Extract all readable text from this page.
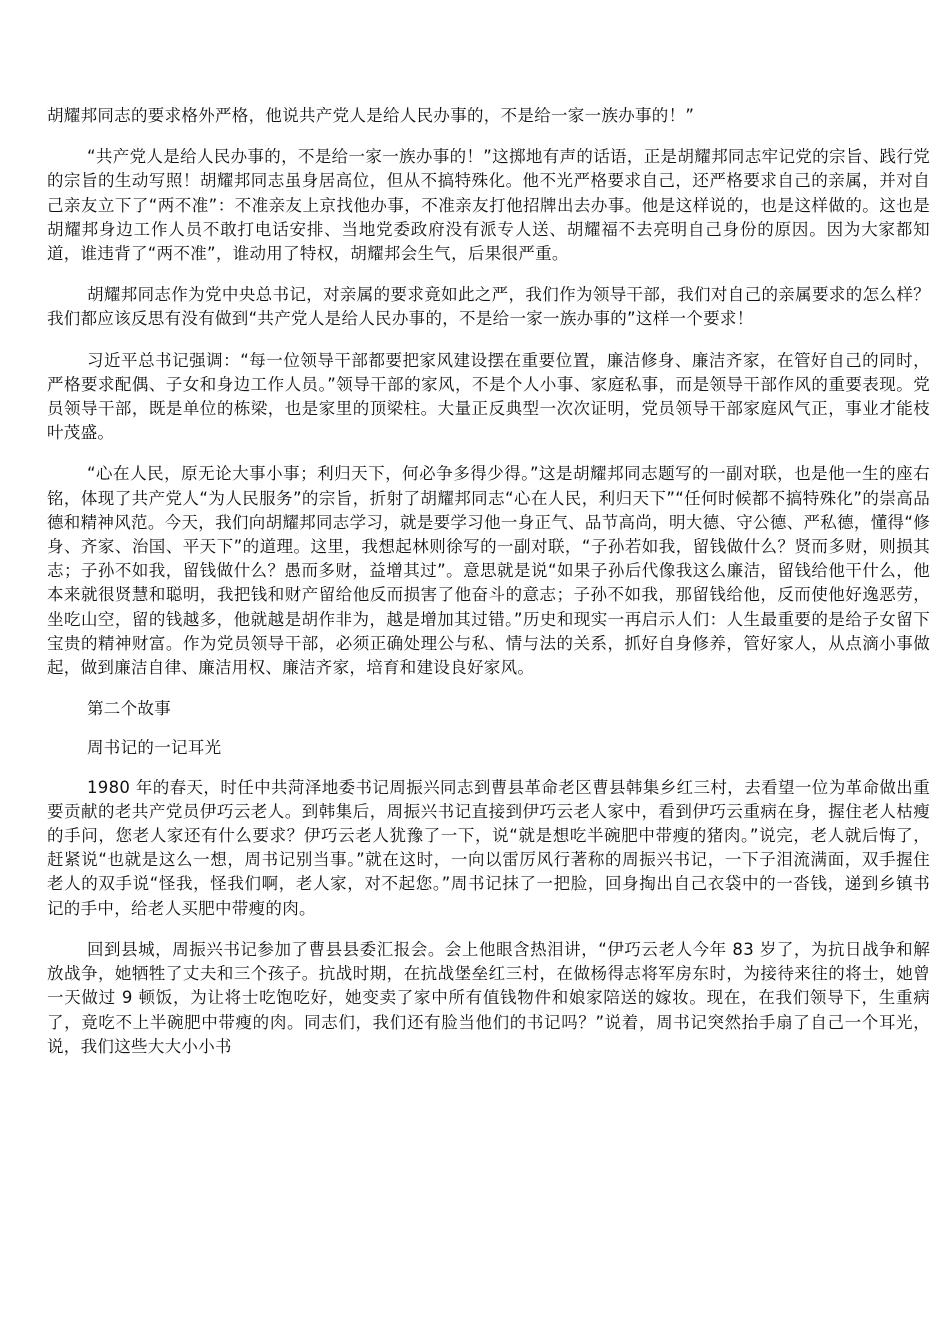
胡耀邦同志的要求格外严格，他说共产党人是给人民办事的，不是给一家一族办事的！”

“共产党人是给人民办事的，不是给一家一族办事的！”这掷地有声的话语，正是胡耀邦同志牢记党的宗旨、践行党的宗旨的生动写照！胡耀邦同志虽身居高位，但从不搞特殊化。他不光严格要求自己，还严格要求自己的亲属，并对自己亲友立下了“两不准”：不准亲友上京找他办事，不准亲友打他招牌出去办事。他是这样说的，也是这样做的。这也是胡耀邦身边工作人员不敢打电话安排、当地党委政府没有派专人送、胡耀福不去亮明自己身份的原因。因为大家都知道，谁违背了“两不准”，谁动用了特权，胡耀邦会生气，后果很严重。

胡耀邦同志作为党中央总书记，对亲属的要求竟如此之严，我们作为领导干部，我们对自己的亲属要求的怎么样？我们都应该反思有没有做到“共产党人是给人民办事的，不是给一家一族办事的”这样一个要求！

习近平总书记强调：“每一位领导干部都要把家风建设摆在重要位置，廉洁修身、廉洁齐家，在管好自己的同时，严格要求配偶、子女和身边工作人员。”领导干部的家风，不是个人小事、家庭私事，而是领导干部作风的重要表现。党员领导干部，既是单位的栋梁，也是家里的顶梁柱。大量正反典型一次次证明，党员领导干部家庭风气正，事业才能枝叶茂盛。

“心在人民，原无论大事小事；利归天下，何必争多得少得。”这是胡耀邦同志题写的一副对联，也是他一生的座右铭，体现了共产党人“为人民服务”的宗旨，折射了胡耀邦同志“心在人民，利归天下”“任何时候都不搞特殊化”的崇高品德和精神风范。今天，我们向胡耀邦同志学习，就是要学习他一身正气、品节高尚，明大德、守公德、严私德，懂得“修身、齐家、治国、平天下”的道理。这里，我想起林则徐写的一副对联，“子孙若如我，留钱做什么？贤而多财，则损其志；子孙不如我，留钱做什么？愚而多财，益增其过”。意思就是说“如果子孙后代像我这么廉洁，留钱给他干什么，他本来就很贤慧和聪明，我把钱和财产留给他反而损害了他奋斗的意志；子孙不如我，那留钱给他，反而使他好逸恶劳，坐吃山空，留的钱越多，他就越是胡作非为，越是增加其过错。”历史和现实一再启示人们：人生最重要的是给子女留下宝贵的精神财富。作为党员领导干部，必须正确处理公与私、情与法的关系，抓好自身修养，管好家人，从点滴小事做起，做到廉洁自律、廉洁用权、廉洁齐家，培育和建设良好家风。

第二个故事

周书记的一记耳光

1980 年的春天，时任中共菏泽地委书记周振兴同志到曹县革命老区曹县韩集乡红三村，去看望一位为革命做出重要贡献的老共产党员伊巧云老人。到韩集后，周振兴书记直接到伊巧云老人家中，看到伊巧云重病在身，握住老人枯瘦的手问，您老人家还有什么要求？伊巧云老人犹豫了一下，说“就是想吃半碗肥中带瘦的猪肉。”说完，老人就后悔了，赶紧说“也就是这么一想，周书记别当事。”就在这时，一向以雷厉风行著称的周振兴书记，一下子泪流满面，双手握住老人的双手说“怪我，怪我们啊，老人家，对不起您。”周书记抹了一把脸，回身掏出自己衣袋中的一沓钱，递到乡镇书记的手中，给老人买肥中带瘦的肉。

回到县城，周振兴书记参加了曹县县委汇报会。会上他眼含热泪讲，“伊巧云老人今年 83 岁了，为抗日战争和解放战争，她牺牲了丈夫和三个孩子。抗战时期，在抗战堡垒红三村，在做杨得志将军房东时，为接待来往的将士，她曾一天做过 9 顿饭，为让将士吃饱吃好，她变卖了家中所有值钱物件和娘家陪送的嫁妆。现在，在我们领导下，生重病了，竟吃不上半碗肥中带瘦的肉。同志们，我们还有脸当他们的书记吗？”说着，周书记突然抬手扇了自己一个耳光，说，我们这些大大小小书
